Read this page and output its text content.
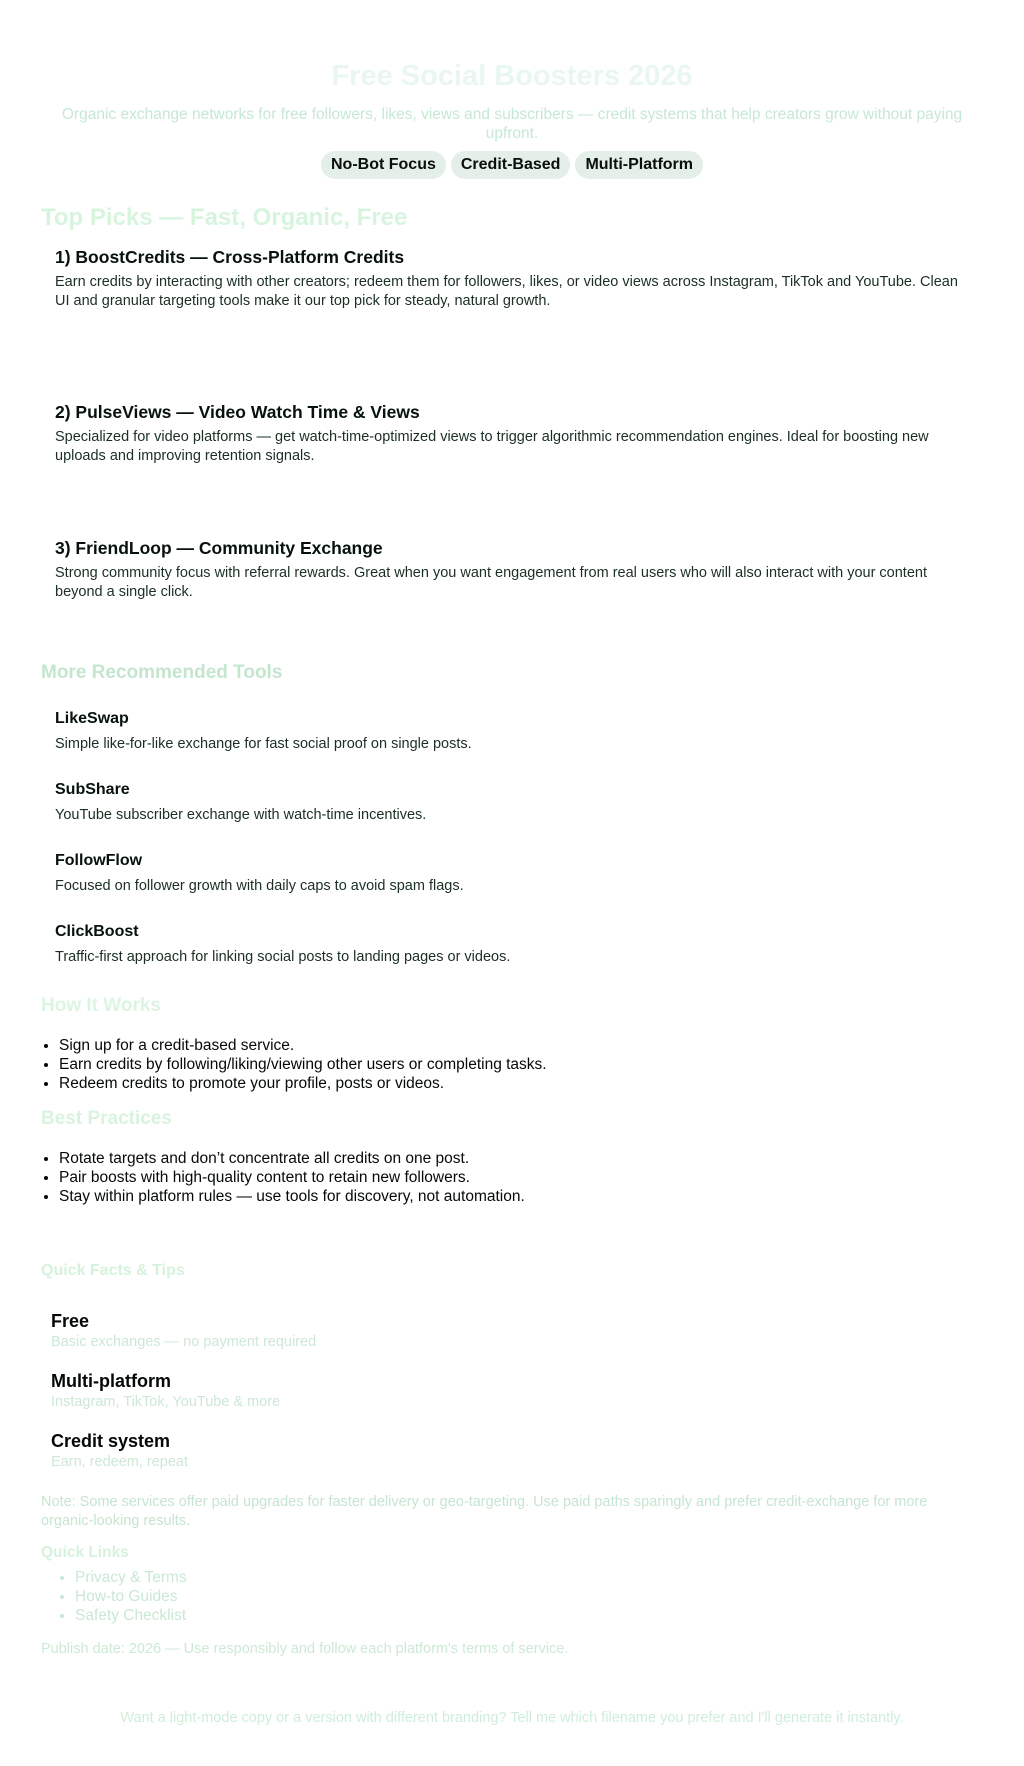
Free Social Boosters 2026

Organic exchange networks for free followers, likes, views and subscribers — credit systems that help creators grow without paying upfront.

No-Bot Focus	Credit-Based	Multi-Platform
Top Picks — Fast, Organic, Free
1) BoostCredits — Cross-Platform Credits

Earn credits by interacting with other creators; redeem them for followers, likes, or video views across Instagram, TikTok and YouTube. Clean UI and granular targeting tools make it our top pick for steady, natural growth.

2) PulseViews — Video Watch Time & Views

Specialized for video platforms — get watch-time-optimized views to trigger algorithmic recommendation engines. Ideal for boosting new uploads and improving retention signals.

3) FriendLoop — Community Exchange

Strong community focus with referral rewards. Great when you want engagement from real users who will also interact with your content beyond a single click.

More Recommended Tools
LikeSwap

Simple like-for-like exchange for fast social proof on single posts.

SubShare

YouTube subscriber exchange with watch-time incentives.

FollowFlow

Focused on follower growth with daily caps to avoid spam flags.

ClickBoost

Traffic-first approach for linking social posts to landing pages or videos.

How It Works
• Sign up for a credit-based service.
• Earn credits by following/liking/viewing other users or completing tasks.
• Redeem credits to promote your profile, posts or videos.
Best Practices
• Rotate targets and don’t concentrate all credits on one post.
• Pair boosts with high-quality content to retain new followers.
• Stay within platform rules — use tools for discovery, not automation.
Quick Facts & Tips
Free
Basic exchanges — no payment required
Multi-platform
Instagram, TikTok, YouTube & more
Credit system
Earn, redeem, repeat

Note: Some services offer paid upgrades for faster delivery or geo-targeting. Use paid paths sparingly and prefer credit-exchange for more organic-looking results.

Quick Links
• Privacy & Terms
• How-to Guides
• Safety Checklist

Publish date: 2026 — Use responsibly and follow each platform's terms of service.

Want a light-mode copy or a version with different branding? Tell me which filename you prefer and I'll generate it instantly.
